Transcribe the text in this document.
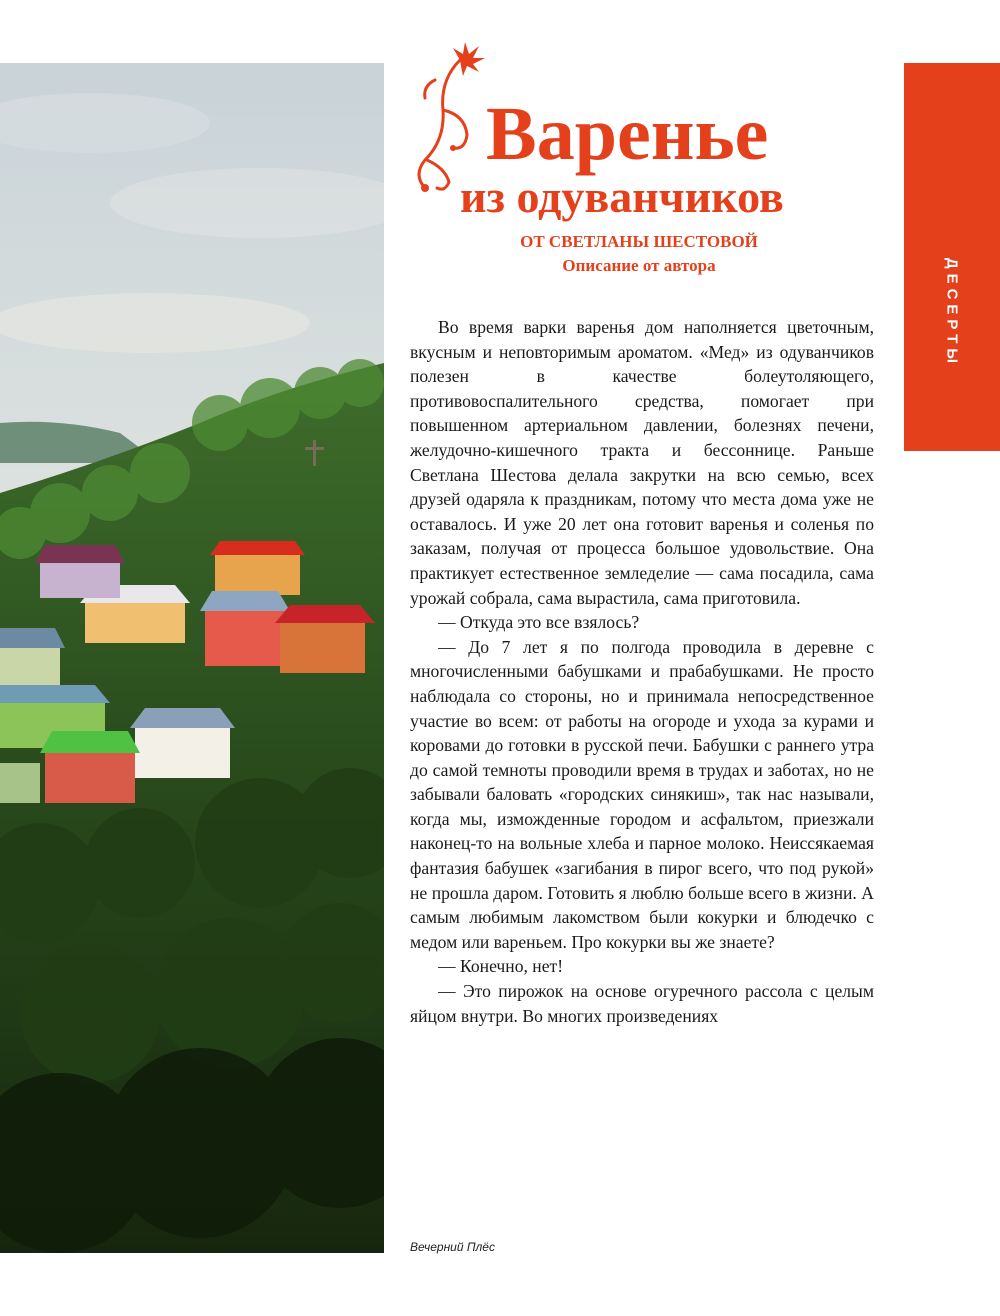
Варенье
из одуванчиков
ОТ СВЕТЛАНЫ ШЕСТОВОЙ
Описание от автора	ДЕСЕРТЫ

Во время варки варенья дом наполняется цветочным, вкусным и неповторимым ароматом. «Мед» из одуванчиков полезен в качестве болеутоляющего, противовоспалительного средства, помогает при повышенном артериальном давлении, болезнях печени, желудочно-кишечного тракта и бессоннице. Раньше Светлана Шестова делала закрутки на всю семью, всех друзей одаряла к праздникам, потому что места дома уже не оставалось. И уже 20 лет она готовит варенья и соленья по заказам, получая от процесса большое удовольствие. Она практикует естественное земледелие — сама посадила, сама урожай собрала, сама вырастила, сама приготовила.

— Откуда это все взялось?

— До 7 лет я по полгода проводила в деревне с многочисленными бабушками и прабабушками. Не просто наблюдала со стороны, но и принимала непосредственное участие во всем: от работы на огороде и ухода за курами и коровами до готовки в русской печи. Бабушки с раннего утра до самой темноты проводили время в трудах и заботах, но не забывали баловать «городских синякиш», так нас называли, когда мы, изможденные городом и асфальтом, приезжали наконец-то на вольные хлеба и парное молоко. Неиссякаемая фантазия бабушек «загибания в пирог всего, что под рукой» не прошла даром. Готовить я люблю больше всего в жизни. А самым любимым лакомством были кокурки и блюдечко с медом или вареньем. Про кокурки вы же знаете?

— Конечно, нет!

— Это пирожок на основе огуречного рассола с целым яйцом внутри. Во многих произведениях

Вечерний Плёс
